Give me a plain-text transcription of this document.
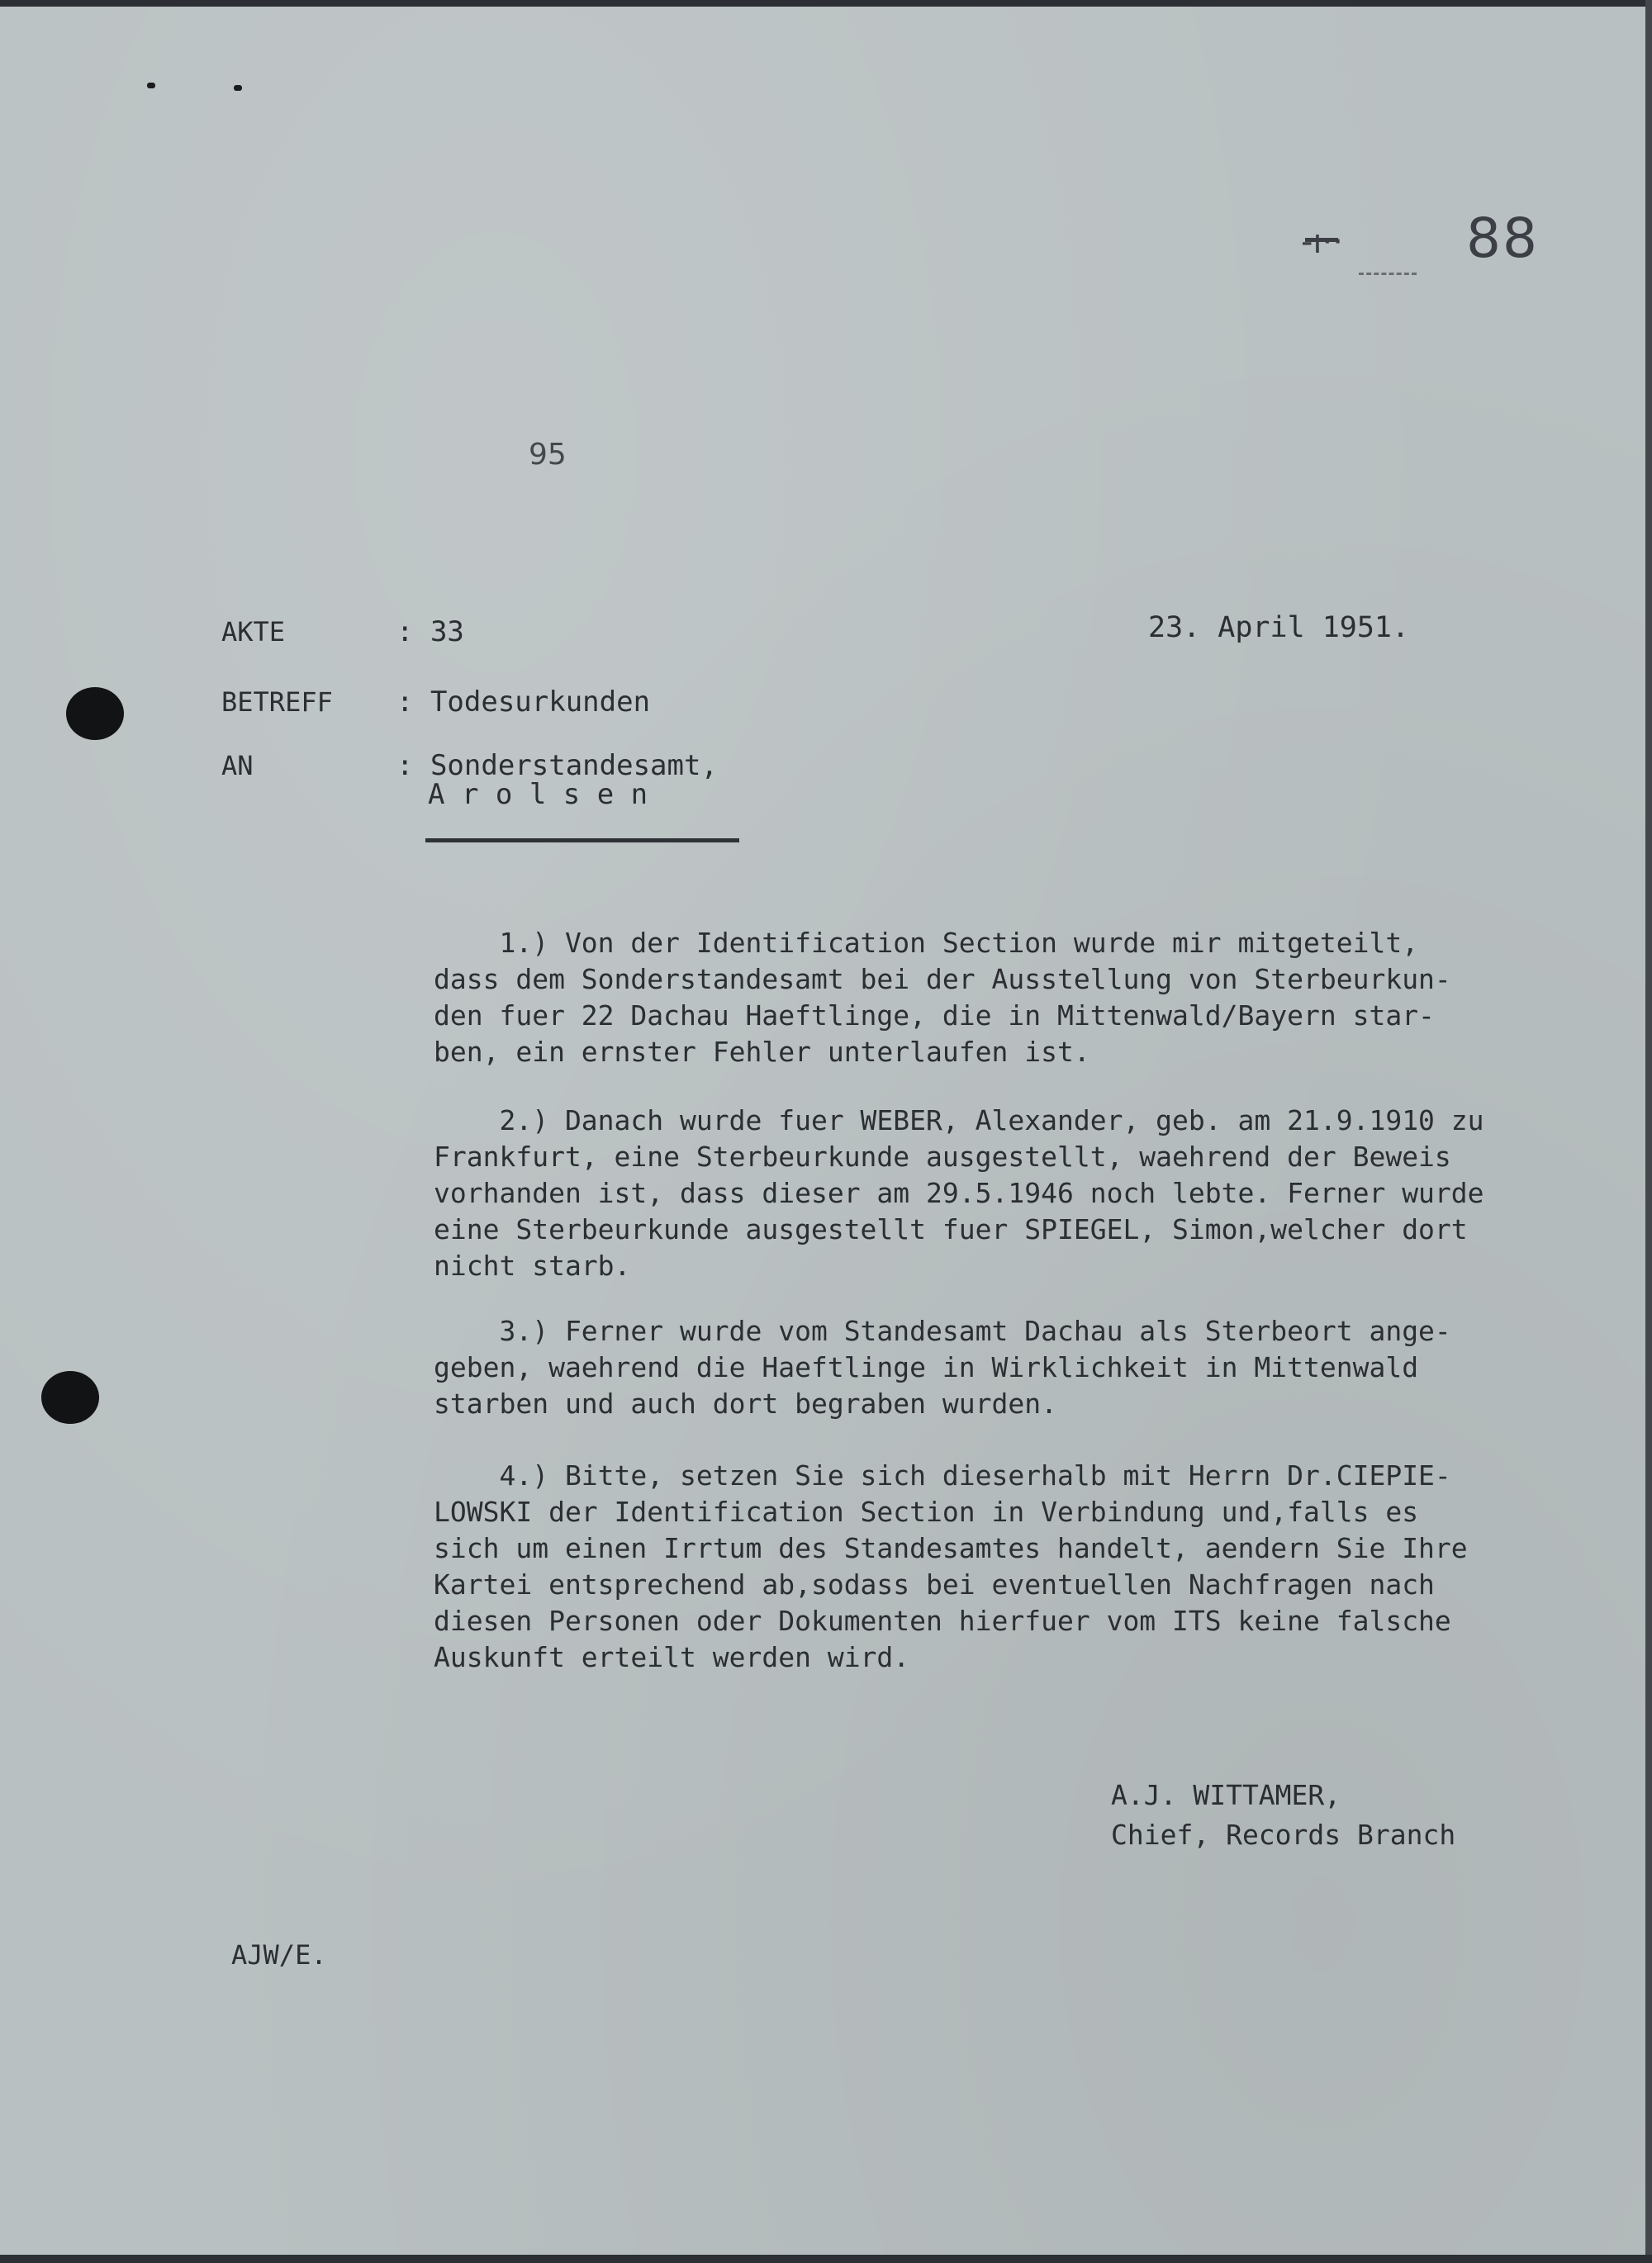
-ı·· 88
95
AKTE	: 33	23. April 1951.
BETREFF : Todesurkunden
AN	: Sonderstandesamt,
A r o l s e n
1.) Von der Identification Section wurde mir mitgeteilt,
dass dem Sonderstandesamt bei der Ausstellung von Sterbeurkun-
den fuer 22 Dachau Haeftlinge, die in Mittenwald/Bayern star-
ben, ein ernster Fehler unterlaufen ist.
2.) Danach wurde fuer WEBER, Alexander, geb. am 21.9.1910 zu
Frankfurt, eine Sterbeurkunde ausgestellt, waehrend der Beweis
vorhanden ist, dass dieser am 29.5.1946 noch lebte. Ferner wurde
eine Sterbeurkunde ausgestellt fuer SPIEGEL, Simon,welcher dort
nicht starb.
3.) Ferner wurde vom Standesamt Dachau als Sterbeort ange-
geben, waehrend die Haeftlinge in Wirklichkeit in Mittenwald
starben und auch dort begraben wurden.
4.) Bitte, setzen Sie sich dieserhalb mit Herrn Dr.CIEPIE-
LOWSKI der Identification Section in Verbindung und,falls es
sich um einen Irrtum des Standesamtes handelt, aendern Sie Ihre
Kartei entsprechend ab,sodass bei eventuellen Nachfragen nach
diesen Personen oder Dokumenten hierfuer vom ITS keine falsche
Auskunft erteilt werden wird.
A.J. WITTAMER,
Chief, Records Branch
AJW/E.
